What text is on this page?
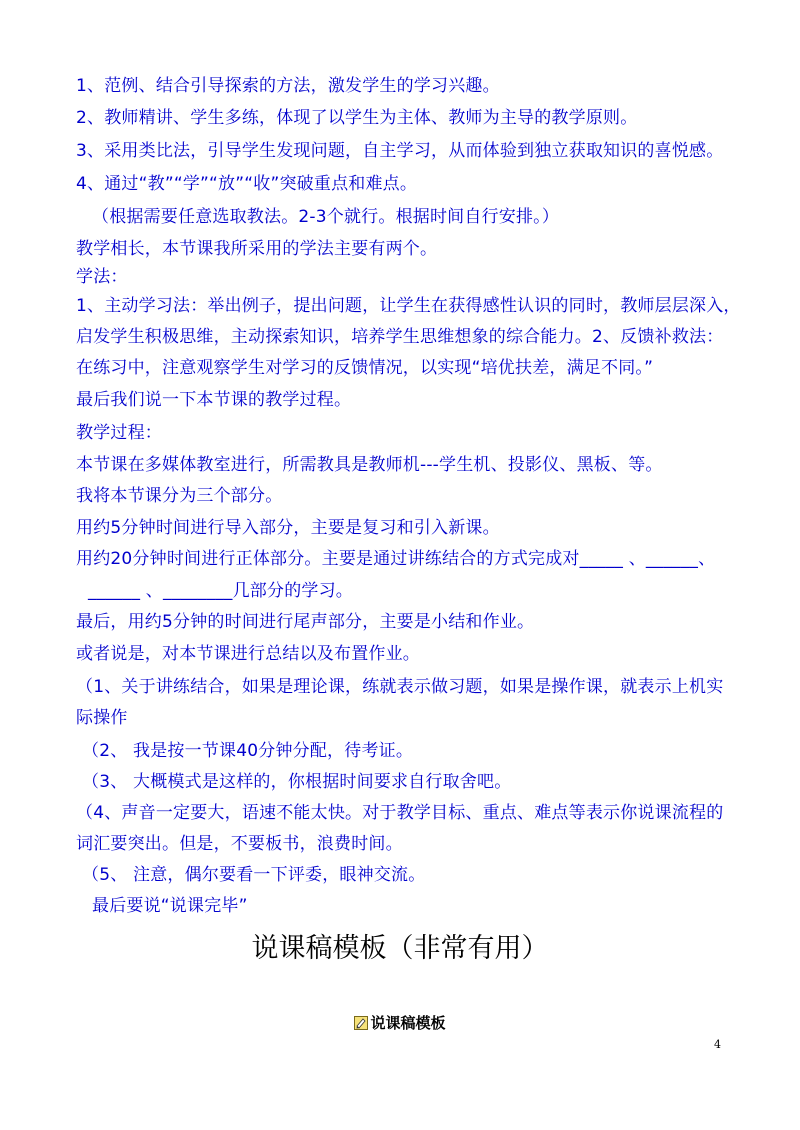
1、范例、结合引导探索的方法，激发学生的学习兴趣。
2、教师精讲、学生多练，体现了以学生为主体、教师为主导的教学原则。
3、采用类比法，引导学生发现问题，自主学习，从而体验到独立获取知识的喜悦感。
4、通过“教”“学”“放”“收”突破重点和难点。
（根据需要任意选取教法。2-3个就行。根据时间自行安排。）
教学相长，本节课我所采用的学法主要有两个。
学法：
1、主动学习法：举出例子，提出问题，让学生在获得感性认识的同时，教师层层深入，
启发学生积极思维，主动探索知识，培养学生思维想象的综合能力。2、反馈补救法：
在练习中，注意观察学生对学习的反馈情况，以实现“培优扶差，满足不同。”
最后我们说一下本节课的教学过程。
教学过程：
本节课在多媒体教室进行，所需教具是教师机---学生机、投影仪、黑板、等。
我将本节课分为三个部分。
用约5分钟时间进行导入部分，主要是复习和引入新课。
用约20分钟时间进行正体部分。主要是通过讲练结合的方式完成对_____ 、______、
______ 、________几部分的学习。
最后，用约5分钟的时间进行尾声部分，主要是小结和作业。
或者说是，对本节课进行总结以及布置作业。
（1、关于讲练结合，如果是理论课，练就表示做习题，如果是操作课，就表示上机实
际操作
（2、 我是按一节课40分钟分配，待考证。
（3、 大概模式是这样的，你根据时间要求自行取舍吧。
（4、声音一定要大，语速不能太快。对于教学目标、重点、难点等表示你说课流程的
词汇要突出。但是，不要板书，浪费时间。
（5、 注意，偶尔要看一下评委，眼神交流。
最后要说“说课完毕”
说课稿模板（非常有用）
说课稿模板
4
